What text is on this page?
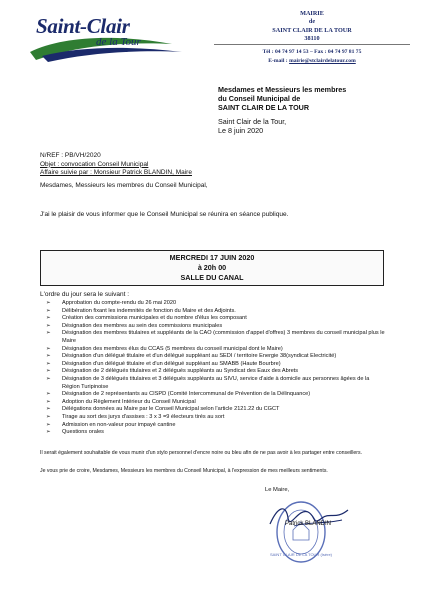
Saint-Clair
de la Tour
MAIRIE
de
SAINT CLAIR DE LA TOUR
38110
Tél : 04 74 97 14 53 – Fax : 04 74 97 81 75
E-mail : mairie@stclairdelatour.com
Mesdames et Messieurs les membres
du Conseil Municipal de
SAINT CLAIR DE LA TOUR
Saint Clair de la Tour,
Le 8 juin 2020
N/REF : PB/VH/2020
Objet : convocation Conseil Municipal
Affaire suivie par : Monsieur Patrick BLANDIN, Maire
Mesdames, Messieurs les membres du Conseil Municipal,
J'ai le plaisir de vous informer que le Conseil Municipal se réunira en séance publique.
MERCREDI 17 JUIN 2020
à 20h 00
SALLE DU CANAL
L'ordre du jour sera le suivant :
➢ Approbation du compte-rendu du 26 mai 2020
➢ Délibération fixant les indemnités de fonction du Maire et des Adjoints.
➢ Création des commissions municipales et du nombre d'élus les composant
➢ Désignation des membres au sein des commissions municipales
➢ Désignation des membres titulaires et suppléants de la CAO (commission d'appel d'offres) 3 membres du conseil municipal plus le Maire
➢ Désignation des membres élus du CCAS (5 membres du conseil municipal dont le Maire)
➢ Désignation d'un délégué titulaire et d'un délégué suppléant au SEDI / territoire Energie 38(syndicat Electricité)
➢ Désignation d'un délégué titulaire et d'un délégué suppléant au SMABB (Haute Bourbre)
➢ Désignation de 2 délégués titulaires et 2 délégués suppléants au Syndicat des Eaux des Abrets
➢ Désignation de 3 délégués titulaires et 3 délégués suppléants au SIVU, service d'aide à domicile aux personnes âgées de la Région Turipinoise
➢ Désignation de 2 représentants au CISPD (Comité Intercommunal de Prévention de la Délinquance)
➢ Adoption du Règlement Intérieur du Conseil Municipal
➢ Délégations données au Maire par le Conseil Municipal selon l'article 2121.22 du CGCT
➢ Tirage au sort des jurys d'assises : 3 x 3 =9 électeurs tirés au sort
➢ Admission en non-valeur pour impayé cantine
➢ Questions orales
Il serait également souhaitable de vous munir d'un stylo personnel d'encre noire ou bleu afin de ne pas avoir à les partager entre conseillers.
Je vous prie de croire, Mesdames, Messieurs les membres du Conseil Municipal, à l'expression de mes meilleurs sentiments.
Le Maire,
SAINT CLAIR DE LA TOUR (Isère)
Patrick BLANDIN
